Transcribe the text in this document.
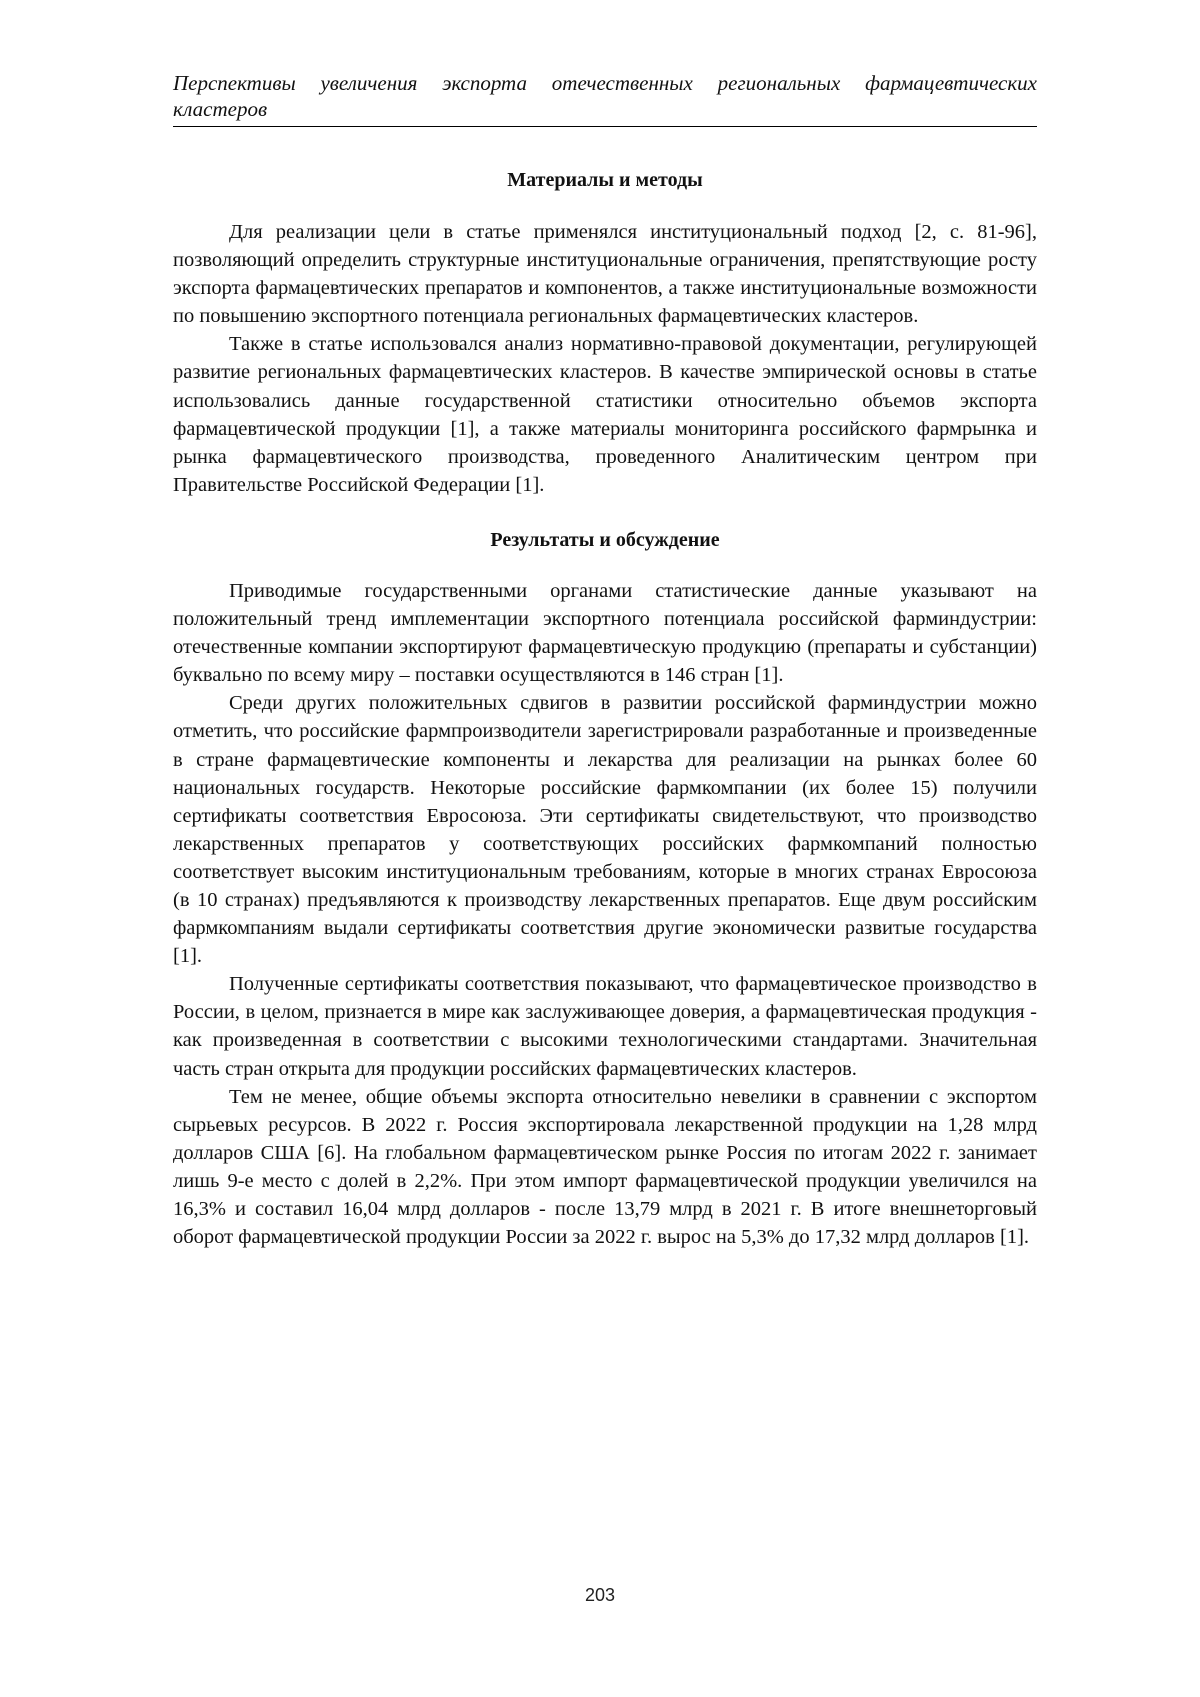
Перспективы увеличения экспорта отечественных региональных фармацевтических кластеров
Материалы и методы

Для реализации цели в статье применялся институциональный подход [2, с. 81-96], позволяющий определить структурные институциональные ограничения, препятствующие росту экспорта фармацевтических препаратов и компонентов, а также институциональные возможности по повышению экспортного потенциала региональных фармацевтических кластеров.

Также в статье использовался анализ нормативно-правовой документации, регулирующей развитие региональных фармацевтических кластеров. В качестве эмпирической основы в статье использовались данные государственной статистики относительно объемов экспорта фармацевтической продукции [1], а также материалы мониторинга российского фармрынка и рынка фармацевтического производства, проведенного Аналитическим центром при Правительстве Российской Федерации [1].

Результаты и обсуждение

Приводимые государственными органами статистические данные указывают на положительный тренд имплементации экспортного потенциала российской фарминдустрии: отечественные компании экспортируют фармацевтическую продукцию (препараты и субстанции) буквально по всему миру – поставки осуществляются в 146 стран [1].

Среди других положительных сдвигов в развитии российской фарминдустрии можно отметить, что российские фармпроизводители зарегистрировали разработанные и произведенные в стране фармацевтические компоненты и лекарства для реализации на рынках более 60 национальных государств. Некоторые российские фармкомпании (их более 15) получили сертификаты соответствия Евросоюза. Эти сертификаты свидетельствуют, что производство лекарственных препаратов у соответствующих российских фармкомпаний полностью соответствует высоким институциональным требованиям, которые в многих странах Евросоюза (в 10 странах) предъявляются к производству лекарственных препаратов. Еще двум российским фармкомпаниям выдали сертификаты соответствия другие экономически развитые государства [1].

Полученные сертификаты соответствия показывают, что фармацевтическое производство в России, в целом, признается в мире как заслуживающее доверия, а фармацевтическая продукция - как произведенная в соответствии с высокими технологическими стандартами. Значительная часть стран открыта для продукции российских фармацевтических кластеров.

Тем не менее, общие объемы экспорта относительно невелики в сравнении с экспортом сырьевых ресурсов. В 2022 г. Россия экспортировала лекарственной продукции на 1,28 млрд долларов США [6]. На глобальном фармацевтическом рынке Россия по итогам 2022 г. занимает лишь 9-е место с долей в 2,2%. При этом импорт фармацевтической продукции увеличился на 16,3% и составил 16,04 млрд долларов - после 13,79 млрд в 2021 г. В итоге внешнеторговый оборот фармацевтической продукции России за 2022 г. вырос на 5,3% до 17,32 млрд долларов [1].

203
